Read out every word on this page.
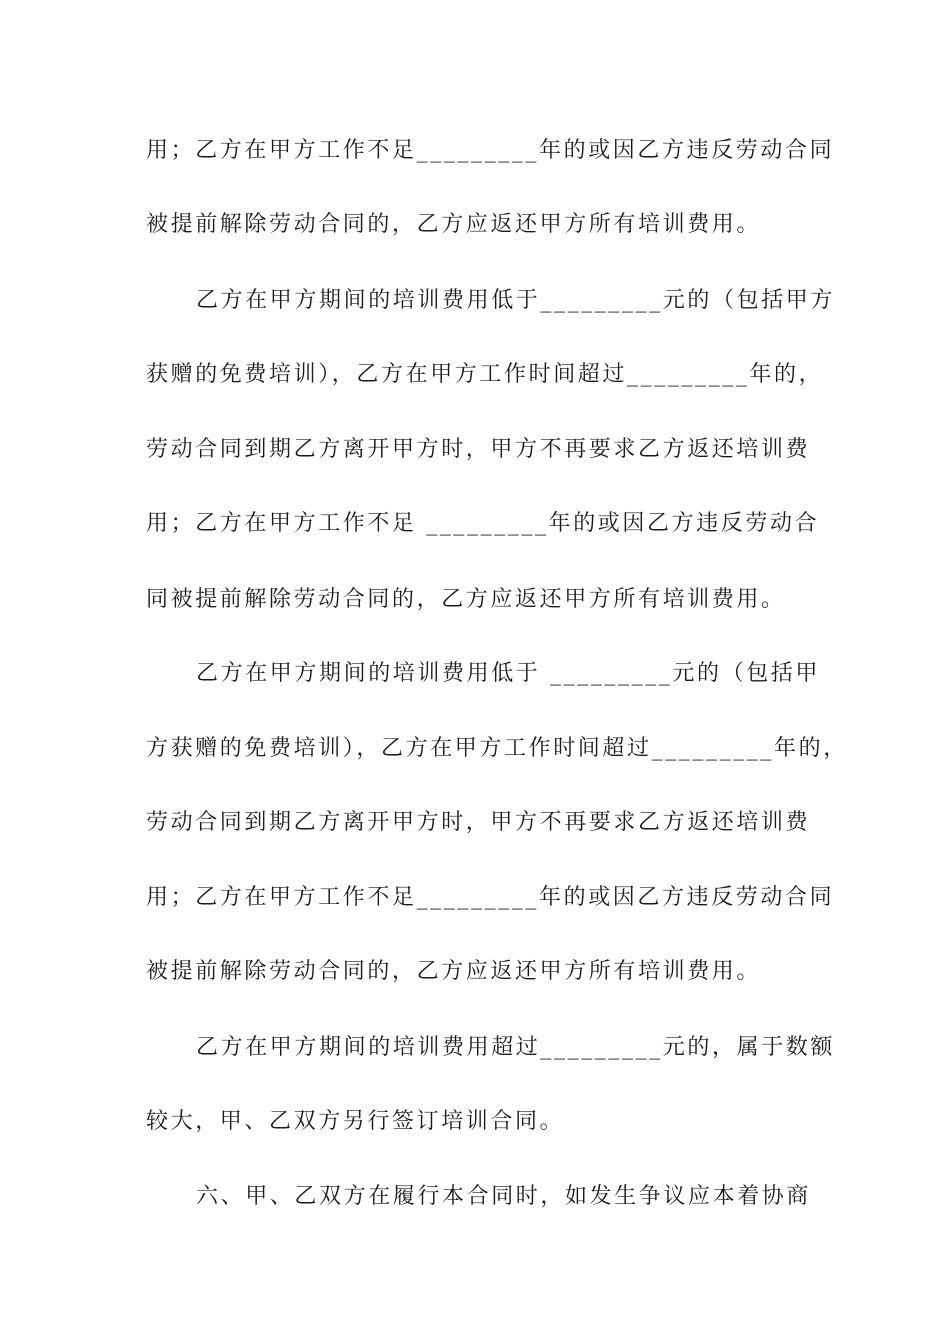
用；乙方在甲方工作不足_________年的或因乙方违反劳动合同
被提前解除劳动合同的，乙方应返还甲方所有培训费用。
乙方在甲方期间的培训费用低于_________元的（包括甲方
获赠的免费培训），乙方在甲方工作时间超过_________年的，
劳动合同到期乙方离开甲方时，甲方不再要求乙方返还培训费
用；乙方在甲方工作不足 _________年的或因乙方违反劳动合
同被提前解除劳动合同的，乙方应返还甲方所有培训费用。
乙方在甲方期间的培训费用低于 _________元的（包括甲
方获赠的免费培训），乙方在甲方工作时间超过_________年的，
劳动合同到期乙方离开甲方时，甲方不再要求乙方返还培训费
用；乙方在甲方工作不足_________年的或因乙方违反劳动合同
被提前解除劳动合同的，乙方应返还甲方所有培训费用。
乙方在甲方期间的培训费用超过_________元的，属于数额
较大，甲、乙双方另行签订培训合同。
六、甲、乙双方在履行本合同时，如发生争议应本着协商
